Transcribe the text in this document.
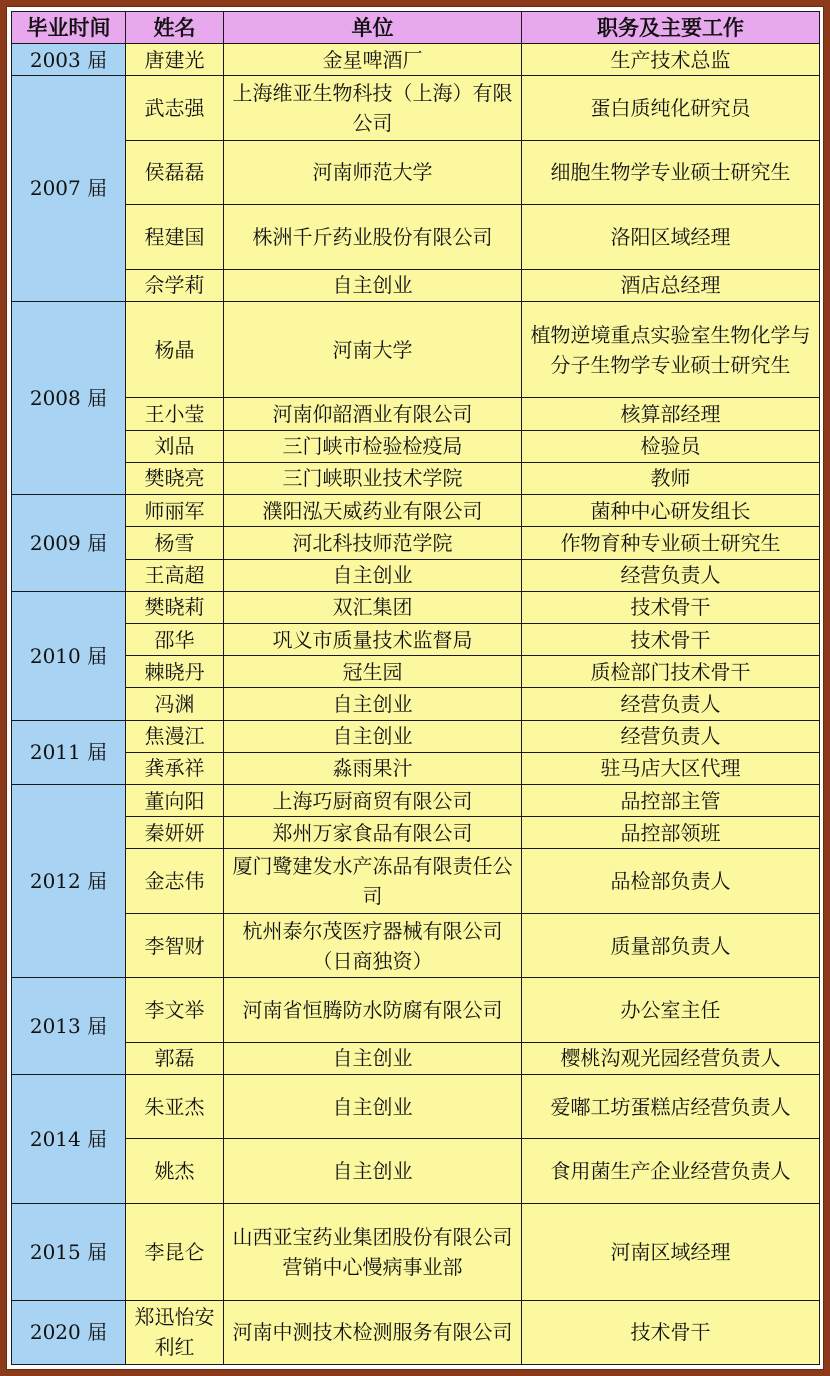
毕业时间	姓名	单位	职务及主要工作
2003 届	唐建光	金星啤酒厂	生产技术总监
2007 届	武志强	上海维亚生物科技（上海）有限公司	蛋白质纯化研究员
	侯磊磊	河南师范大学	细胞生物学专业硕士研究生
	程建国	株洲千斤药业股份有限公司	洛阳区域经理
	佘学莉	自主创业	酒店总经理
2008 届	杨晶	河南大学	植物逆境重点实验室生物化学与分子生物学专业硕士研究生
	王小莹	河南仰韶酒业有限公司	核算部经理
	刘品	三门峡市检验检疫局	检验员
	樊晓亮	三门峡职业技术学院	教师
2009 届	师丽军	濮阳泓天威药业有限公司	菌种中心研发组长
	杨雪	河北科技师范学院	作物育种专业硕士研究生
	王高超	自主创业	经营负责人
2010 届	樊晓莉	双汇集团	技术骨干
	邵华	巩义市质量技术监督局	技术骨干
	棘晓丹	冠生园	质检部门技术骨干
	冯渊	自主创业	经营负责人
2011 届	焦漫江	自主创业	经营负责人
	龚承祥	淼雨果汁	驻马店大区代理
2012 届	董向阳	上海巧厨商贸有限公司	品控部主管
	秦妍妍	郑州万家食品有限公司	品控部领班
	金志伟	厦门鹭建发水产冻品有限责任公司	品检部负责人
	李智财	杭州泰尔茂医疗器械有限公司（日商独资）	质量部负责人
2013 届	李文举	河南省恒腾防水防腐有限公司	办公室主任
	郭磊	自主创业	樱桃沟观光园经营负责人
2014 届	朱亚杰	自主创业	爱嘟工坊蛋糕店经营负责人
	姚杰	自主创业	食用菌生产企业经营负责人
2015 届	李昆仑	山西亚宝药业集团股份有限公司营销中心慢病事业部	河南区域经理
2020 届	郑迅怡安利红	河南中测技术检测服务有限公司	技术骨干
